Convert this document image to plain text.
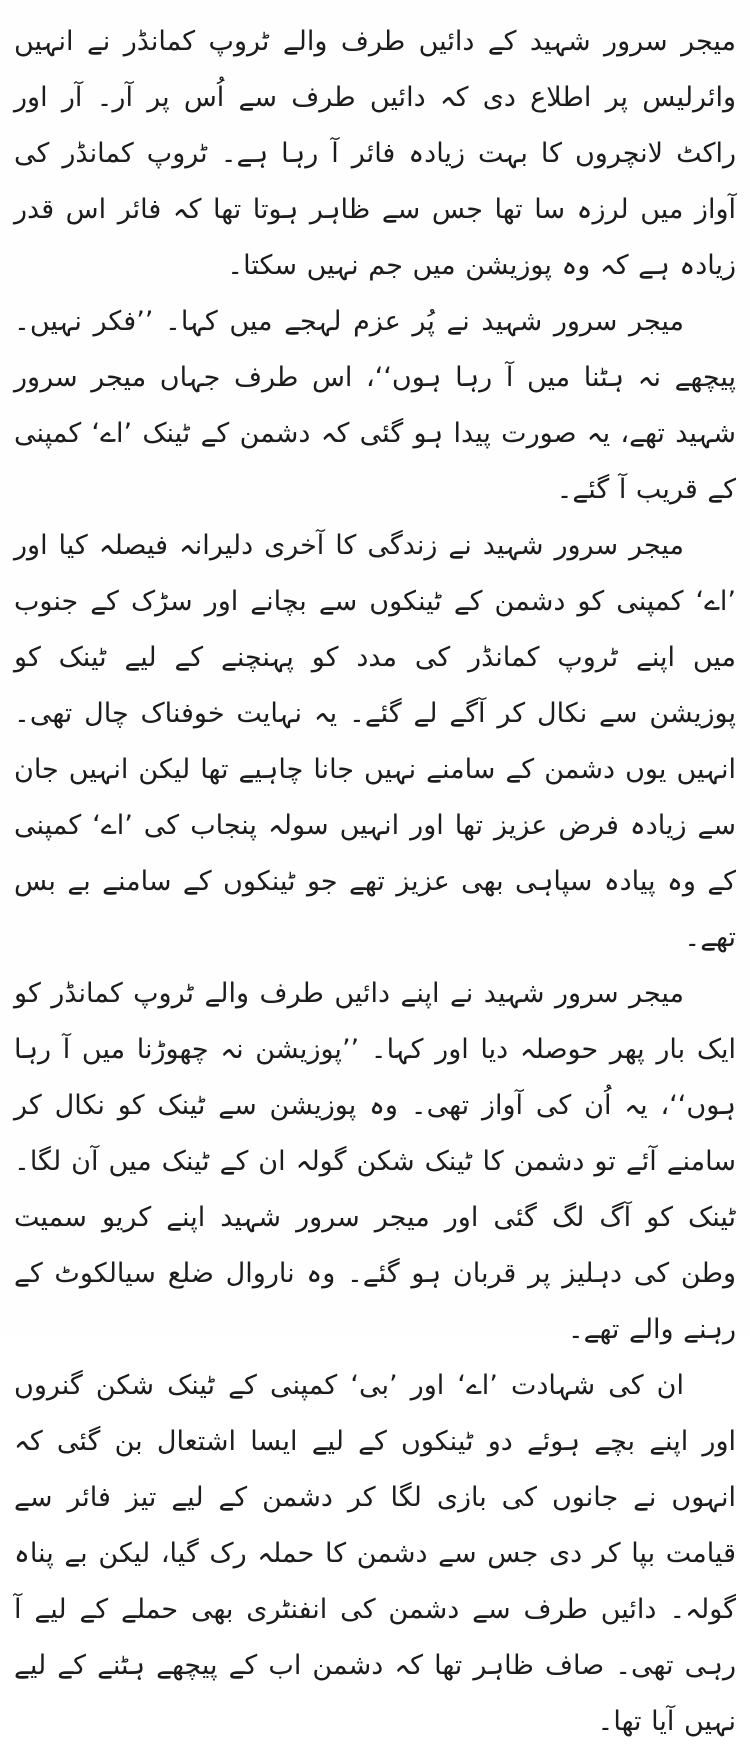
میجر سرور شہید کے دائیں طرف والے ٹروپ کمانڈر نے انہیں وائرلیس پر اطلاع دی کہ دائیں طرف سے اُس پر آر۔ آر اور راکٹ لانچروں کا بہت زیادہ فائر آ رہا ہے۔ ٹروپ کمانڈر کی آواز میں لرزہ سا تھا جس سے ظاہر ہوتا تھا کہ فائر اس قدر زیادہ ہے کہ وہ پوزیشن میں جم نہیں سکتا۔

میجر سرور شہید نے پُر عزم لہجے میں کہا۔ ’’فکر نہیں۔ پیچھے نہ ہٹنا میں آ رہا ہوں‘‘، اس طرف جہاں میجر سرور شہید تھے، یہ صورت پیدا ہو گئی کہ دشمن کے ٹینک ’اے‘ کمپنی کے قریب آ گئے۔

میجر سرور شہید نے زندگی کا آخری دلیرانہ فیصلہ کیا اور ’اے‘ کمپنی کو دشمن کے ٹینکوں سے بچانے اور سڑک کے جنوب میں اپنے ٹروپ کمانڈر کی مدد کو پہنچنے کے لیے ٹینک کو پوزیشن سے نکال کر آگے لے گئے۔ یہ نہایت خوفناک چال تھی۔ انہیں یوں دشمن کے سامنے نہیں جانا چاہیے تھا لیکن انہیں جان سے زیادہ فرض عزیز تھا اور انہیں سولہ پنجاب کی ’اے‘ کمپنی کے وہ پیادہ سپاہی بھی عزیز تھے جو ٹینکوں کے سامنے بے بس تھے۔

میجر سرور شہید نے اپنے دائیں طرف والے ٹروپ کمانڈر کو ایک بار پھر حوصلہ دیا اور کہا۔ ’’پوزیشن نہ چھوڑنا میں آ رہا ہوں‘‘، یہ اُن کی آواز تھی۔ وہ پوزیشن سے ٹینک کو نکال کر سامنے آئے تو دشمن کا ٹینک شکن گولہ ان کے ٹینک میں آن لگا۔ ٹینک کو آگ لگ گئی اور میجر سرور شہید اپنے کریو سمیت وطن کی دہلیز پر قربان ہو گئے۔ وہ ناروال ضلع سیالکوٹ کے رہنے والے تھے۔

ان کی شہادت ’اے‘ اور ’بی‘ کمپنی کے ٹینک شکن گنروں اور اپنے بچے ہوئے دو ٹینکوں کے لیے ایسا اشتعال بن گئی کہ انہوں نے جانوں کی بازی لگا کر دشمن کے لیے تیز فائر سے قیامت بپا کر دی جس سے دشمن کا حملہ رک گیا، لیکن بے پناہ گولہ۔ دائیں طرف سے دشمن کی انفنٹری بھی حملے کے لیے آ رہی تھی۔ صاف ظاہر تھا کہ دشمن اب کے پیچھے ہٹنے کے لیے نہیں آیا تھا۔
